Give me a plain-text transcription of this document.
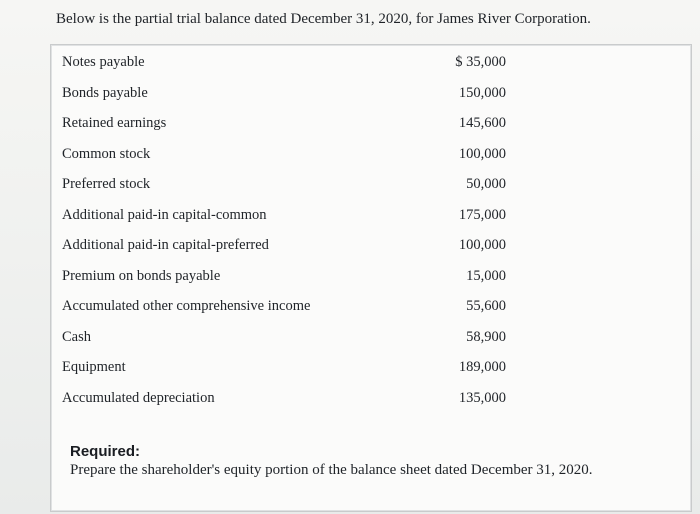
Below is the partial trial balance dated December 31, 2020, for James River Corporation.
Notes payable	$ 35,000
Bonds payable	150,000
Retained earnings	145,600
Common stock	100,000
Preferred stock	50,000
Additional paid-in capital-common	175,000
Additional paid-in capital-preferred	100,000
Premium on bonds payable	15,000
Accumulated other comprehensive income	55,600
Cash	58,900
Equipment	189,000
Accumulated depreciation	135,000
Required:
Prepare the shareholder's equity portion of the balance sheet dated December 31, 2020.
